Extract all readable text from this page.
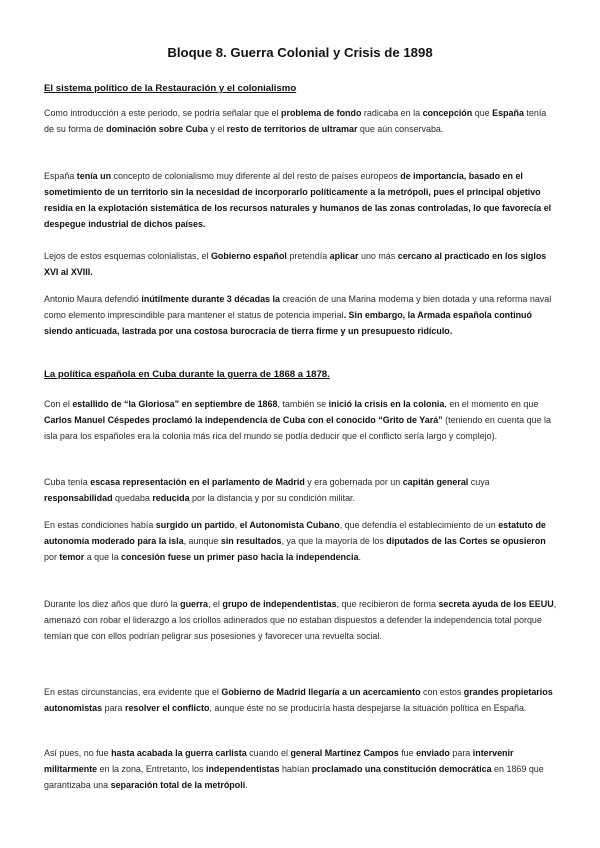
Bloque 8. Guerra Colonial y Crisis de 1898
El sistema político de la Restauración y el colonialismo
Como introducción a este periodo, se podría señalar que el problema de fondo radicaba en la concepción que España tenía de su forma de dominación sobre Cuba y el resto de territorios de ultramar que aún conservaba.
España tenía un concepto de colonialismo muy diferente al del resto de países europeos de importancia, basado en el sometimiento de un territorio sin la necesidad de incorporarlo políticamente a la metrópoli, pues el principal objetivo residía en la explotación sistemática de los recursos naturales y humanos de las zonas controladas, lo que favorecía el despegue industrial de dichos países.
Lejos de estos esquemas colonialistas, el Gobierno español pretendía aplicar uno más cercano al practicado en los siglos XVI al XVIII.
Antonio Maura defendió inútilmente durante 3 décadas la creación de una Marina moderna y bien dotada y una reforma naval como elemento imprescindible para mantener el status de potencia imperial. Sin embargo, la Armada española continuó siendo anticuada, lastrada por una costosa burocracia de tierra firme y un presupuesto ridículo.
La política española en Cuba durante la guerra de 1868 a 1878.
Con el estallido de “la Gloriosa” en septiembre de 1868, también se inició la crisis en la colonia, en el momento en que Carlos Manuel Céspedes proclamó la independencia de Cuba con el conocido “Grito de Yará” (teniendo en cuenta que la isla para los españoles era la colonia más rica del mundo se podía deducir que el conflicto sería largo y complejo).
Cuba tenía escasa representación en el parlamento de Madrid y era gobernada por un capitán general cuya responsabilidad quedaba reducida por la distancia y por su condición militar.
En estas condiciones había surgido un partido, el Autonomista Cubano, que defendía el establecimiento de un estatuto de autonomía moderado para la isla, aunque sin resultados, ya que la mayoría de los diputados de las Cortes se opusieron por temor a que la concesión fuese un primer paso hacia la independencia.
Durante los diez años que duró la guerra, el grupo de independentistas, que recibieron de forma secreta ayuda de los EEUU, amenazó con robar el liderazgo a los criollos adinerados que no estaban dispuestos a defender la independencia total porque temían que con ellos podrían peligrar sus posesiones y favorecer una revuelta social.
En estas circunstancias, era evidente que el Gobierno de Madrid llegaría a un acercamiento con estos grandes propietarios autonomistas para resolver el conflicto, aunque éste no se produciría hasta despejarse la situación política en España.
Así pues, no fue hasta acabada la guerra carlista cuando el general Martínez Campos fue enviado para intervenir militarmente en la zona, Entretanto, los independentistas habían proclamado una constitución democrática en 1869 que garantizaba una separación total de la metrópoli.
